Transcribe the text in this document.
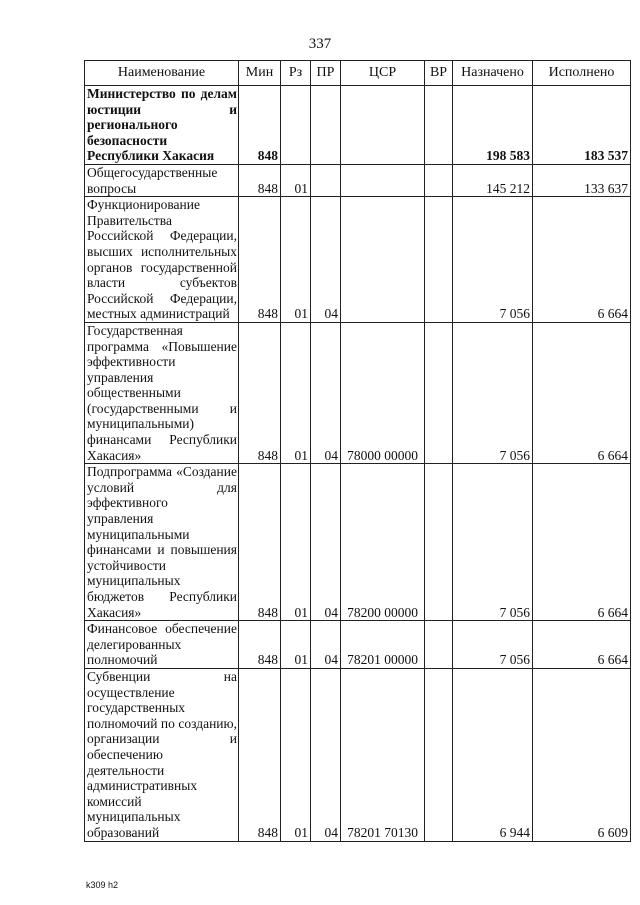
337
Наименование	Мин	Рз	ПР	ЦСР	ВР	Назначено	Исполнено
Министерство по делам юстиции и регионального безопасности Республики Хакасия	848					198 583	183 537
Общегосударственные вопросы	848	01				145 212	133 637
Функционирование Правительства Российской Федерации, высших исполнительных органов государственной власти субъектов Российской Федерации, местных администраций	848	01	04			7 056	6 664
Государственная программа «Повышение эффективности управления общественными (государственными и муниципальными) финансами Республики Хакасия»	848	01	04	78000 00000		7 056	6 664
Подпрограмма «Создание условий для эффективного управления муниципальными финансами и повышения устойчивости муниципальных бюджетов Республики Хакасия»	848	01	04	78200 00000		7 056	6 664
Финансовое обеспечение делегированных полномочий	848	01	04	78201 00000		7 056	6 664
Субвенции на осуществление государственных полномочий по созданию, организации и обеспечению деятельности административных комиссий муниципальных образований	848	01	04	78201 70130		6 944	6 609
k309 h2
